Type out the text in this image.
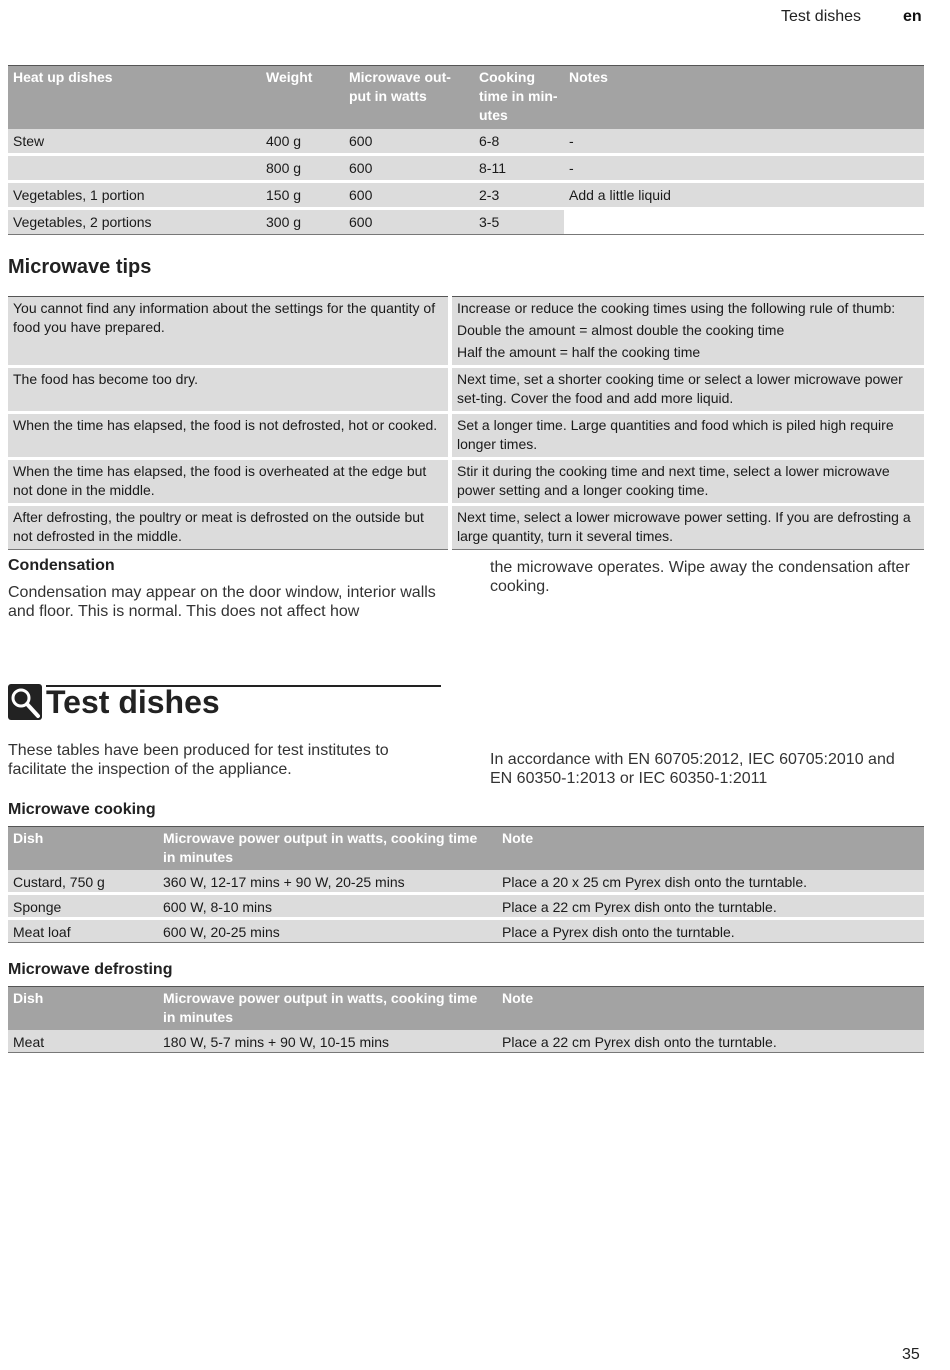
Test dishes	en
Heat up dishes	Weight	Microwave out-put in watts	Cooking time in min-utes	Notes
Stew	400 g	600	6-8	-
	800 g	600	8-11	-
Vegetables, 1 portion	150 g	600	2-3	Add a little liquid
Vegetables, 2 portions	300 g	600	3-5	
Microwave tips
You cannot find any information about the settings for the quantity of food you have prepared.	Increase or reduce the cooking times using the following rule of thumb:
Double the amount = almost double the cooking time
Half the amount = half the cooking time

The food has become too dry.	Next time, set a shorter cooking time or select a lower microwave power set-ting. Cover the food and add more liquid.
When the time has elapsed, the food is not defrosted, hot or cooked.	Set a longer time. Large quantities and food which is piled high require longer times.
When the time has elapsed, the food is overheated at the edge but not done in the middle.	Stir it during the cooking time and next time, select a lower microwave power setting and a longer cooking time.
After defrosting, the poultry or meat is defrosted on the outside but not defrosted in the middle.	Next time, select a lower microwave power setting. If you are defrosting a large quantity, turn it several times.
Condensation
Condensation may appear on the door window, interior walls and floor. This is normal. This does not affect how
the microwave operates. Wipe away the condensation after cooking.
Test dishes
These tables have been produced for test institutes to facilitate the inspection of the appliance.
In accordance with EN 60705:2012, IEC 60705:2010 and EN 60350-1:2013 or IEC 60350-1:2011
Microwave cooking
Dish	Microwave power output in watts, cooking time in minutes	Note
Custard, 750 g	360 W, 12-17 mins + 90 W, 20-25 mins	Place a 20 x 25 cm Pyrex dish onto the turntable.
Sponge	600 W, 8-10 mins	Place a 22 cm Pyrex dish onto the turntable.
Meat loaf	600 W, 20-25 mins	Place a Pyrex dish onto the turntable.
Microwave defrosting
Dish	Microwave power output in watts, cooking time in minutes	Note
Meat	180 W, 5-7 mins + 90 W, 10-15 mins	Place a 22 cm Pyrex dish onto the turntable.
35
